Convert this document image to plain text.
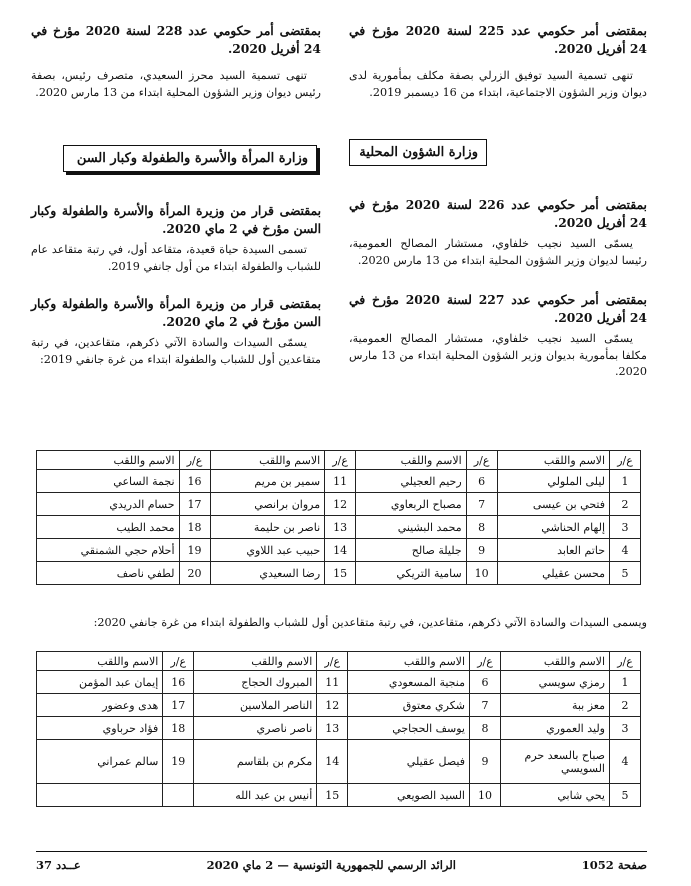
بمقتضى أمر حكومي عدد 225 لسنة 2020 مؤرخ في 24 أفريل 2020.

تنهى تسمية السيد توفيق الزرلي بصفة مكلف بمأمورية لدى ديوان وزير الشؤون الاجتماعية، ابتداء من 16 ديسمبر 2019.

وزارة الشؤون المحلية
بمقتضى أمر حكومي عدد 226 لسنة 2020 مؤرخ في 24 أفريل 2020.

يسمّى السيد نجيب خلفاوي، مستشار المصالح العمومية، رئيسا لديوان وزير الشؤون المحلية ابتداء من 13 مارس 2020.

بمقتضى أمر حكومي عدد 227 لسنة 2020 مؤرخ في 24 أفريل 2020.

يسمّى السيد نجيب خلفاوي، مستشار المصالح العمومية، مكلفا بمأمورية بديوان وزير الشؤون المحلية ابتداء من 13 مارس 2020.

بمقتضى أمر حكومي عدد 228 لسنة 2020 مؤرخ في 24 أفريل 2020.

تنهى تسمية السيد محرز السعيدي، متصرف رئيس، بصفة رئيس ديوان وزير الشؤون المحلية ابتداء من 13 مارس 2020.

وزارة المرأة والأسرة والطفولة وكبار السن
بمقتضى قرار من وزيرة المرأة والأسرة والطفولة وكبار السن مؤرخ في 2 ماي 2020.

تسمى السيدة حياة قعيدة، متقاعد أول، في رتبة متقاعد عام للشباب والطفولة ابتداء من أول جانفي 2019.

بمقتضى قرار من وزيرة المرأة والأسرة والطفولة وكبار السن مؤرخ في 2 ماي 2020.

يسمّى السيدات والسادة الآتي ذكرهم، متقاعدين، في رتبة متقاعدين أول للشباب والطفولة ابتداء من غرة جانفي 2019:

ع/ر	الاسم واللقب	ع/ر	الاسم واللقب	ع/ر	الاسم واللقب	ع/ر	الاسم واللقب
1	ليلى الملولي	6	رحيم العجيلي	11	سمير بن مريم	16	نجمة الساعي
2	فتحي بن عيسى	7	مصباح الربعاوي	12	مروان برانصي	17	حسام الدريدي
3	إلهام الحناشي	8	محمد البشيني	13	ناصر بن حليمة	18	محمد الطيب
4	حاتم العابد	9	جليلة صالح	14	حبيب عبد اللاوي	19	أحلام حجي الشمنقي
5	محسن عقيلي	10	سامية التريكي	15	رضا السعيدي	20	لطفي ناصف
ويسمى السيدات والسادة الآتي ذكرهم، متقاعدين، في رتبة متقاعدين أول للشباب والطفولة ابتداء من غرة جانفي 2020:
ع/ر	الاسم واللقب	ع/ر	الاسم واللقب	ع/ر	الاسم واللقب	ع/ر	الاسم واللقب
1	رمزي سويسي	6	منجية المسعودي	11	المبروك الحجاج	16	إيمان عبد المؤمن
2	معز ببة	7	شكري معتوق	12	الناصر الملاسين	17	هدى وعضور
3	وليد العموري	8	يوسف الحجاجي	13	ناصر ناصري	18	فؤاد حرباوي
4	صباح بالسعد حرم السويسي	9	فيصل عقيلي	14	مكرم بن بلقاسم	19	سالم عمراني
5	يحي شابي	10	السيد الصويعي	15	أنيس بن عبد الله		
صفحة 1052
الرائد الرسمي للجمهورية التونسية — 2 ماي 2020
عــدد 37
